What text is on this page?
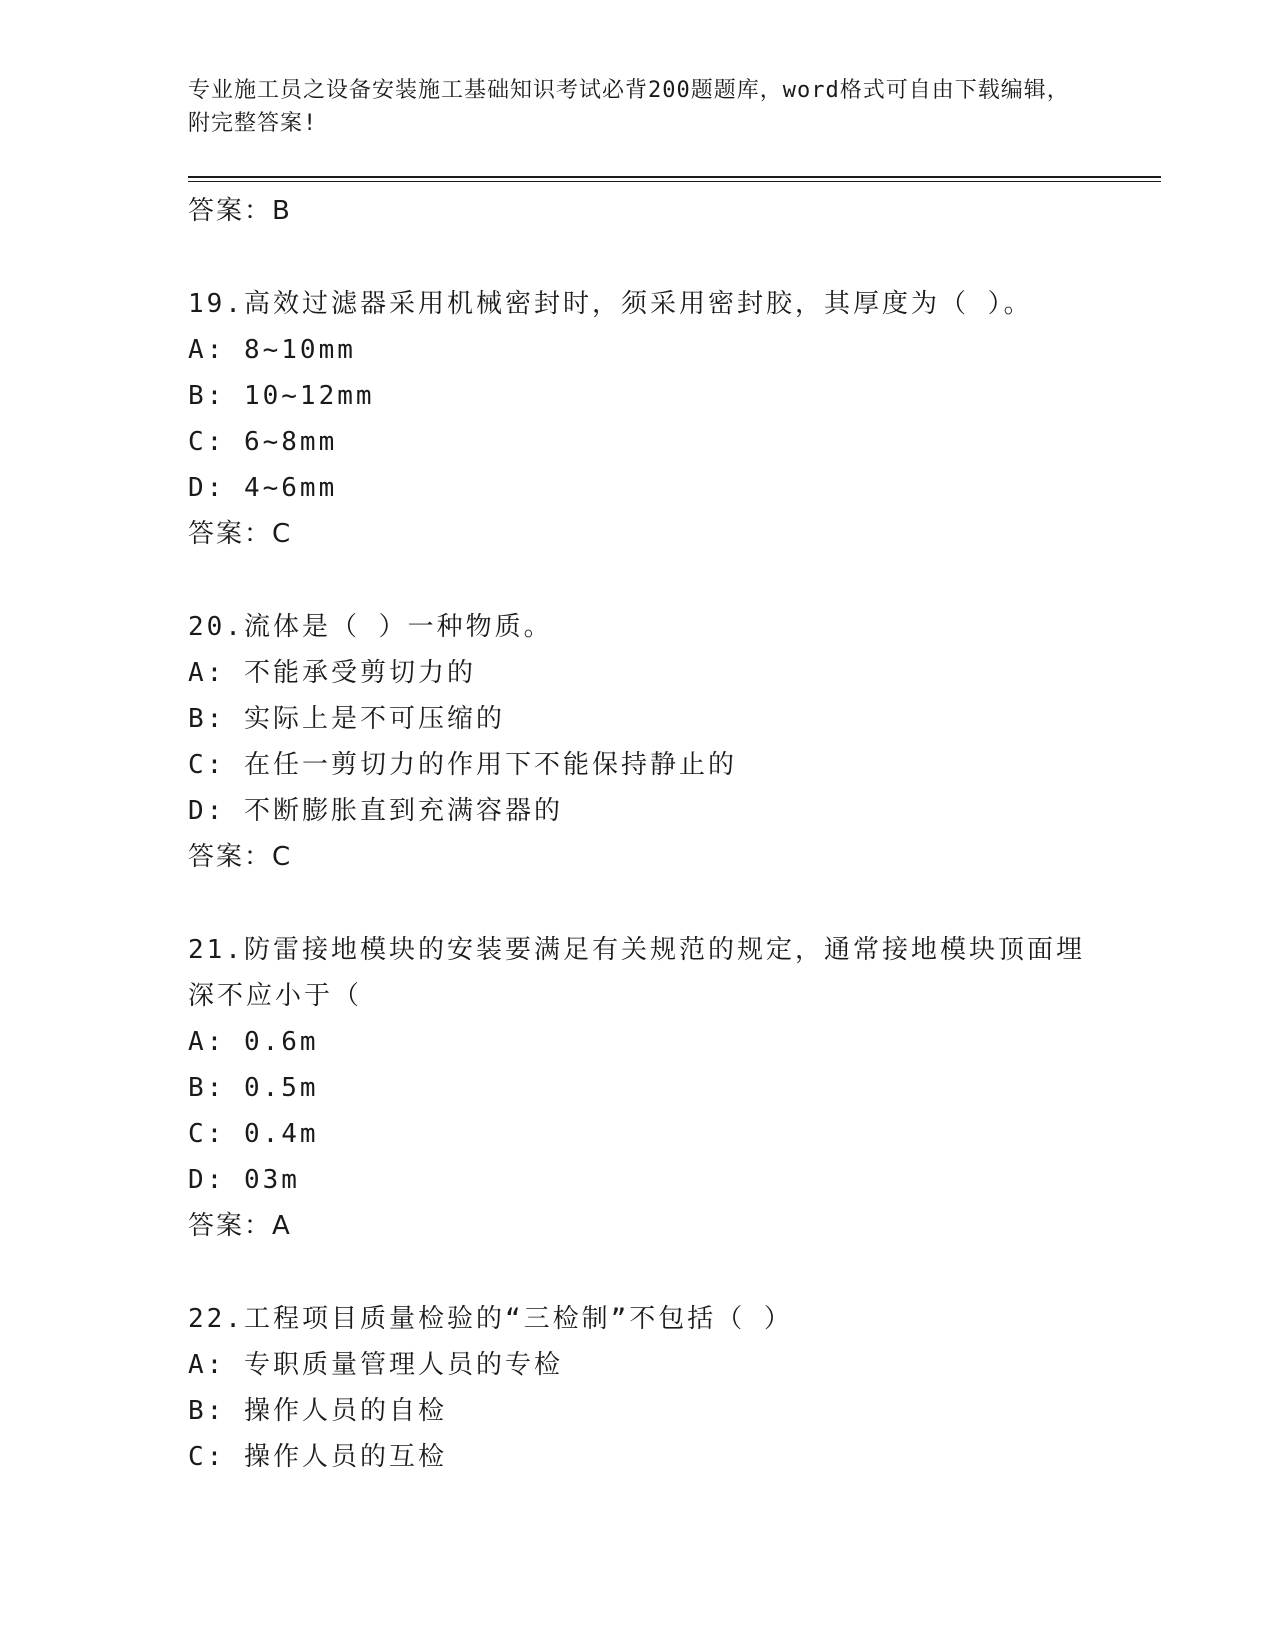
专业施工员之设备安装施工基础知识考试必背200题题库，word格式可自由下载编辑，附完整答案!
答案：B
19.高效过滤器采用机械密封时，须采用密封胶，其厚度为（ ）。
A: 8~10mm
B: 10~12mm
C: 6~8mm
D: 4~6mm
答案：C
20.流体是（ ）一种物质。
A: 不能承受剪切力的
B: 实际上是不可压缩的
C: 在任一剪切力的作用下不能保持静止的
D: 不断膨胀直到充满容器的
答案：C
21.防雷接地模块的安装要满足有关规范的规定，通常接地模块顶面埋深不应小于（
A: 0.6m
B: 0.5m
C: 0.4m
D: 03m
答案：A
22.工程项目质量检验的“三检制”不包括（ ）
A: 专职质量管理人员的专检
B: 操作人员的自检
C: 操作人员的互检
